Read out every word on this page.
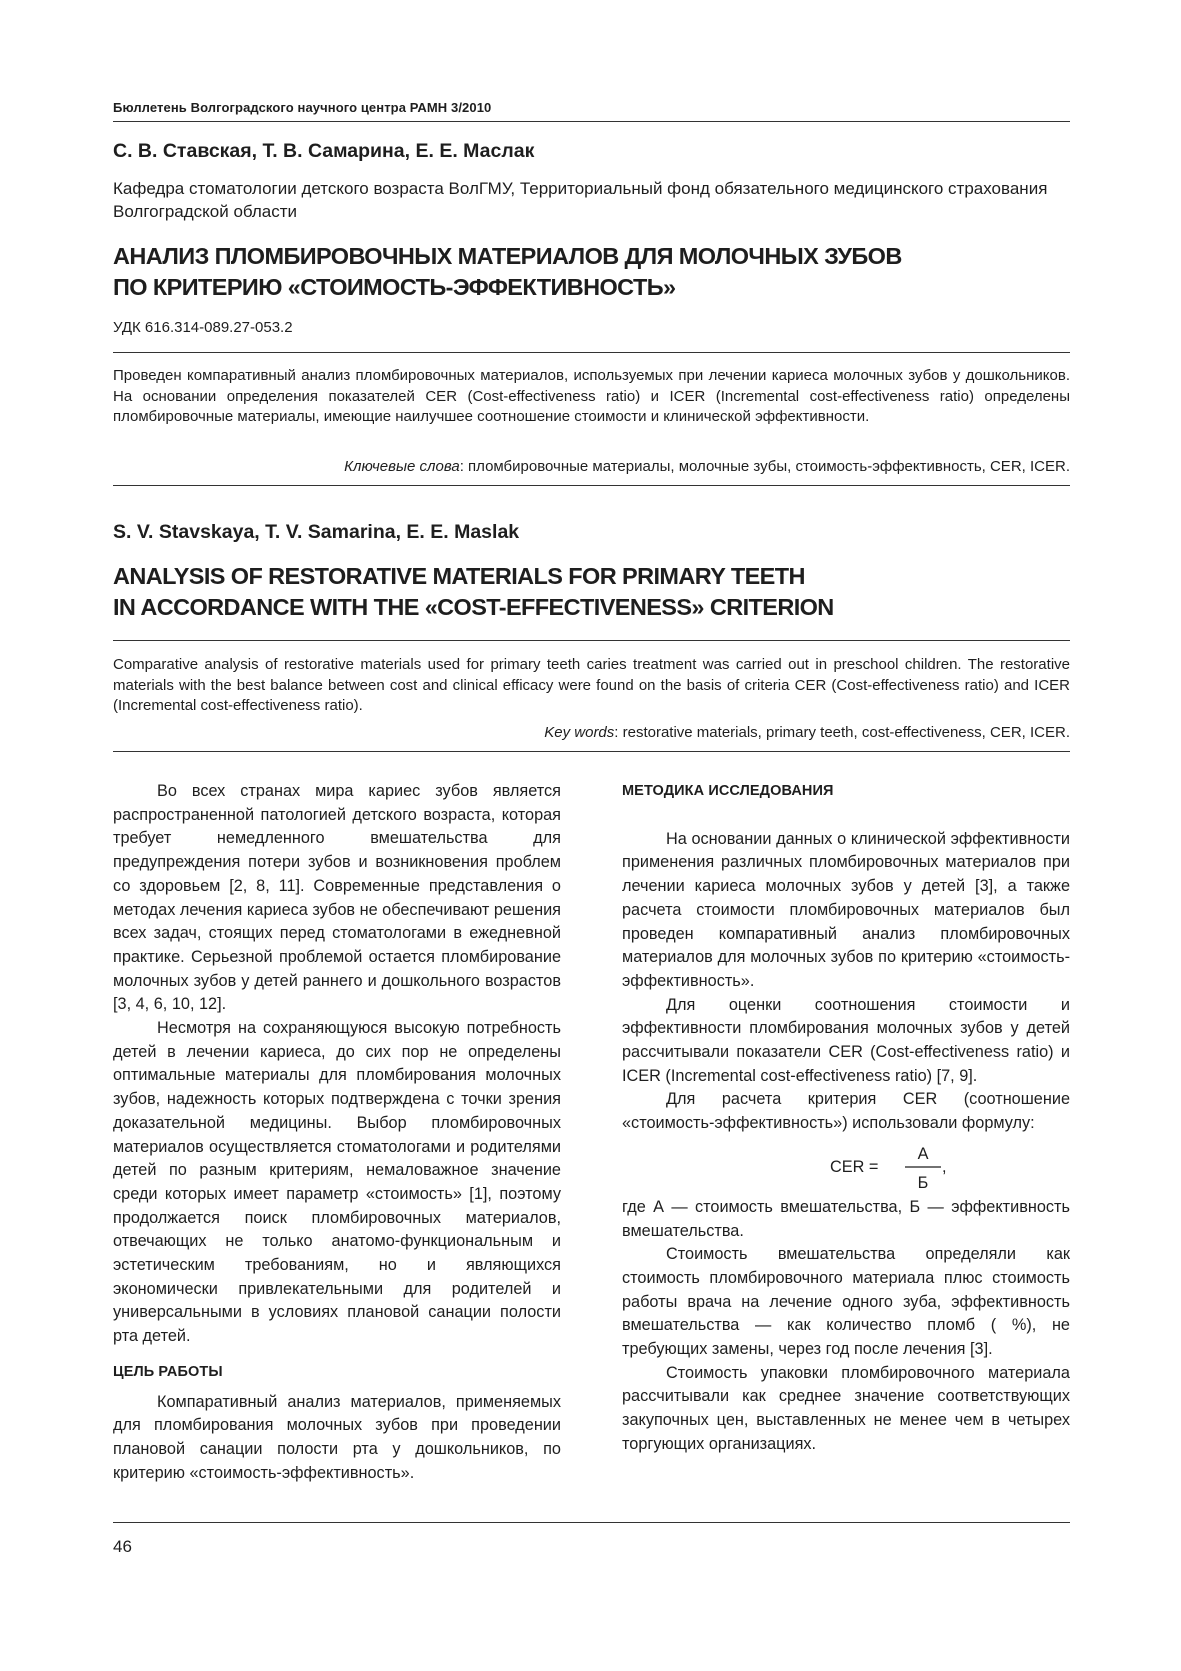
Бюллетень Волгоградского научного центра РАМН 3/2010
С. В. Ставская, Т. В. Самарина, Е. Е. Маслак
Кафедра стоматологии детского возраста ВолГМУ, Территориальный фонд обязательного медицинского страхования Волгоградской области
АНАЛИЗ ПЛОМБИРОВОЧНЫХ МАТЕРИАЛОВ ДЛЯ МОЛОЧНЫХ ЗУБОВ
ПО КРИТЕРИЮ «СТОИМОСТЬ-ЭФФЕКТИВНОСТЬ»
УДК 616.314-089.27-053.2
Проведен компаративный анализ пломбировочных материалов, используемых при лечении кариеса молочных зубов у дошкольников. На основании определения показателей CER (Cost-effectiveness ratio) и ICER (Incremental cost-effectiveness ratio) определены пломбировочные материалы, имеющие наилучшее соотношение стоимости и клинической эффективности.
Ключевые слова: пломбировочные материалы, молочные зубы, стоимость-эффективность, CER, ICER.
S. V. Stavskaya, T. V. Samarina, E. E. Maslak
ANALYSIS OF RESTORATIVE MATERIALS FOR PRIMARY TEETH
IN ACCORDANCE WITH THE «COST-EFFECTIVENESS» CRITERION
Comparative analysis of restorative materials used for primary teeth caries treatment was carried out in preschool children. The restorative materials with the best balance between cost and clinical efficacy were found on the basis of criteria CER (Cost-effectiveness ratio) and ICER (Incremental cost-effectiveness ratio).
Key words: restorative materials, primary teeth, cost-effectiveness, CER, ICER.

Во всех странах мира кариес зубов является распространенной патологией детского возраста, которая требует немедленного вмешательства для предупреждения потери зубов и возникновения проблем со здоровьем [2, 8, 11]. Современные представления о методах лечения кариеса зубов не обеспечивают решения всех задач, стоящих перед стоматологами в ежедневной практике. Серьезной проблемой остается пломбирование молочных зубов у детей раннего и дошкольного возрастов [3, 4, 6, 10, 12].

Несмотря на сохраняющуюся высокую потребность детей в лечении кариеса, до сих пор не определены оптимальные материалы для пломбирования молочных зубов, надежность которых подтверждена с точки зрения доказательной медицины. Выбор пломбировочных материалов осуществляется стоматологами и родителями детей по разным критериям, немаловажное значение среди которых имеет параметр «стоимость» [1], поэтому продолжается поиск пломбировочных материалов, отвечающих не только анатомо-функциональным и эстетическим требованиям, но и являющихся экономически привлекательными для родителей и универсальными в условиях плановой санации полости рта детей.

ЦЕЛЬ РАБОТЫ

Компаративный анализ материалов, применяемых для пломбирования молочных зубов при проведении плановой санации полости рта у дошкольников, по критерию «стоимость-эффективность».

МЕТОДИКА ИССЛЕДОВАНИЯ

На основании данных о клинической эффективности применения различных пломбировочных материалов при лечении кариеса молочных зубов у детей [3], а также расчета стоимости пломбировочных материалов был проведен компаративный анализ пломбировочных материалов для молочных зубов по критерию «стоимость-эффективность».

Для оценки соотношения стоимости и эффективности пломбирования молочных зубов у детей рассчитывали показатели CER (Cost-effectiveness ratio) и ICER (Incremental cost-effectiveness ratio) [7, 9].

Для расчета критерия CER (соотношение «стоимость-эффективность») использовали формулу:

CER =
А
Б
,

где А — стоимость вмешательства, Б — эффективность вмешательства.

Стоимость вмешательства определяли как стоимость пломбировочного материала плюс стоимость работы врача на лечение одного зуба, эффективность вмешательства — как количество пломб ( %), не требующих замены, через год после лечения [3].

Стоимость упаковки пломбировочного материала рассчитывали как среднее значение соответствующих закупочных цен, выставленных не менее чем в четырех торгующих организациях.

46
